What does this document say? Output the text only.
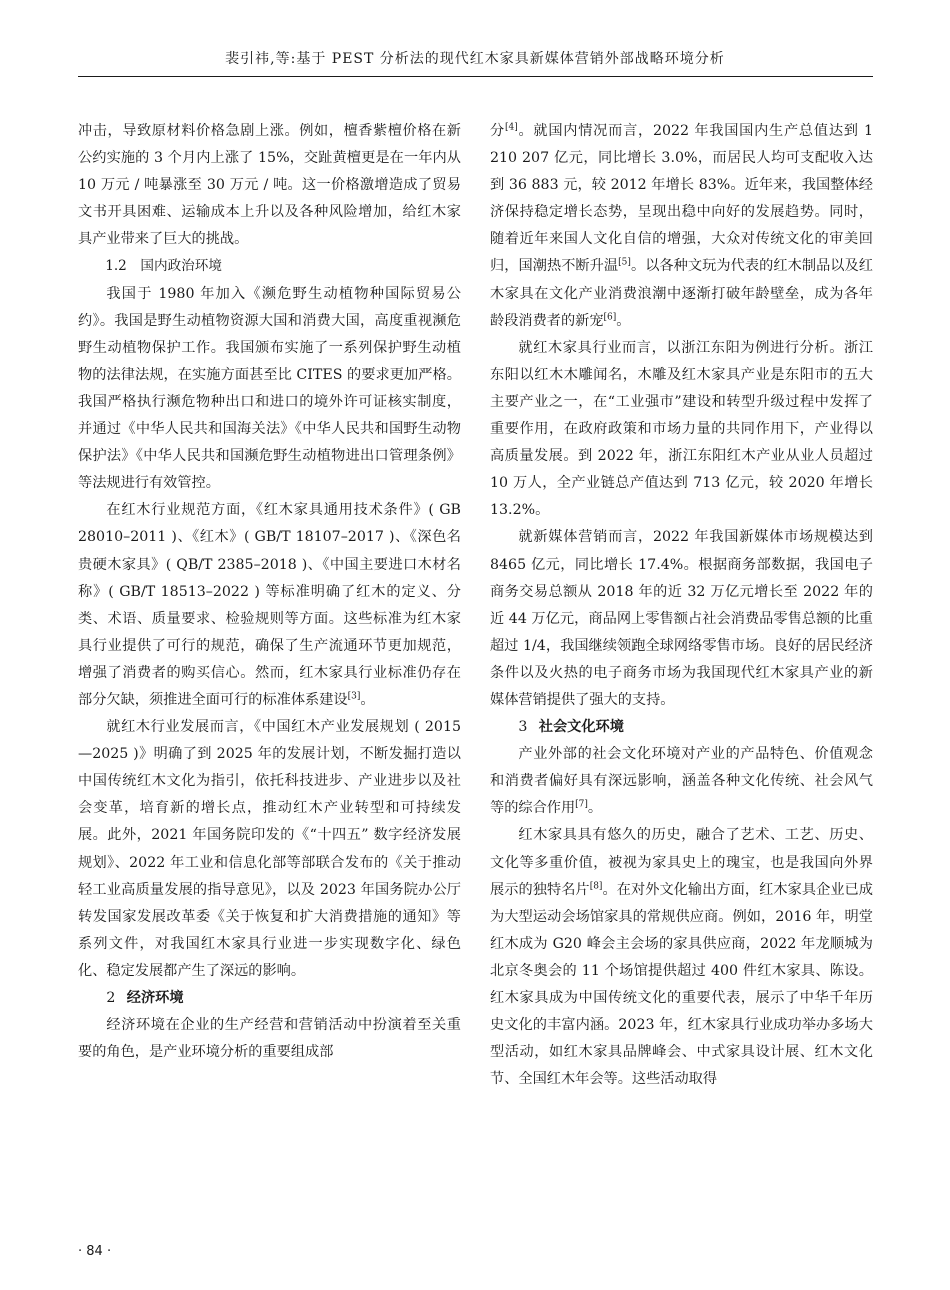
裴引祎,等:基于 PEST 分析法的现代红木家具新媒体营销外部战略环境分析

冲击，导致原材料价格急剧上涨。例如，檀香紫檀价格在新公约实施的 3 个月内上涨了 15%，交趾黄檀更是在一年内从 10 万元 / 吨暴涨至 30 万元 / 吨。这一价格激增造成了贸易文书开具困难、运输成本上升以及各种风险增加，给红木家具产业带来了巨大的挑战。

1.2 国内政治环境

我国于 1980 年加入《濒危野生动植物种国际贸易公约》。我国是野生动植物资源大国和消费大国，高度重视濒危野生动植物保护工作。我国颁布实施了一系列保护野生动植物的法律法规，在实施方面甚至比 CITES 的要求更加严格。我国严格执行濒危物种出口和进口的境外许可证核实制度，并通过《中华人民共和国海关法》《中华人民共和国野生动物保护法》《中华人民共和国濒危野生动植物进出口管理条例》等法规进行有效管控。

在红木行业规范方面，《红木家具通用技术条件》( GB 28010–2011 )、《红木》( GB/T 18107–2017 )、《深色名贵硬木家具》( QB/T 2385–2018 )、《中国主要进口木材名称》( GB/T 18513–2022 ) 等标准明确了红木的定义、分类、术语、质量要求、检验规则等方面。这些标准为红木家具行业提供了可行的规范，确保了生产流通环节更加规范，增强了消费者的购买信心。然而，红木家具行业标准仍存在部分欠缺，须推进全面可行的标准体系建设[3]。

就红木行业发展而言，《中国红木产业发展规划 ( 2015—2025 )》明确了到 2025 年的发展计划，不断发掘打造以中国传统红木文化为指引，依托科技进步、产业进步以及社会变革，培育新的增长点，推动红木产业转型和可持续发展。此外，2021 年国务院印发的《“十四五” 数字经济发展规划》、2022 年工业和信息化部等部联合发布的《关于推动轻工业高质量发展的指导意见》，以及 2023 年国务院办公厅转发国家发展改革委《关于恢复和扩大消费措施的通知》等系列文件，对我国红木家具行业进一步实现数字化、绿色化、稳定发展都产生了深远的影响。

2 经济环境

经济环境在企业的生产经营和营销活动中扮演着至关重要的角色，是产业环境分析的重要组成部

分[4]。就国内情况而言，2022 年我国国内生产总值达到 1 210 207 亿元，同比增长 3.0%，而居民人均可支配收入达到 36 883 元，较 2012 年增长 83%。近年来，我国整体经济保持稳定增长态势，呈现出稳中向好的发展趋势。同时，随着近年来国人文化自信的增强，大众对传统文化的审美回归，国潮热不断升温[5]。以各种文玩为代表的红木制品以及红木家具在文化产业消费浪潮中逐渐打破年龄壁垒，成为各年龄段消费者的新宠[6]。

就红木家具行业而言，以浙江东阳为例进行分析。浙江东阳以红木木雕闻名，木雕及红木家具产业是东阳市的五大主要产业之一，在“工业强市”建设和转型升级过程中发挥了重要作用，在政府政策和市场力量的共同作用下，产业得以高质量发展。到 2022 年，浙江东阳红木产业从业人员超过 10 万人，全产业链总产值达到 713 亿元，较 2020 年增长 13.2%。

就新媒体营销而言，2022 年我国新媒体市场规模达到 8465 亿元，同比增长 17.4%。根据商务部数据，我国电子商务交易总额从 2018 年的近 32 万亿元增长至 2022 年的近 44 万亿元，商品网上零售额占社会消费品零售总额的比重超过 1/4，我国继续领跑全球网络零售市场。良好的居民经济条件以及火热的电子商务市场为我国现代红木家具产业的新媒体营销提供了强大的支持。

3 社会文化环境

产业外部的社会文化环境对产业的产品特色、价值观念和消费者偏好具有深远影响，涵盖各种文化传统、社会风气等的综合作用[7]。

红木家具具有悠久的历史，融合了艺术、工艺、历史、文化等多重价值，被视为家具史上的瑰宝，也是我国向外界展示的独特名片[8]。在对外文化输出方面，红木家具企业已成为大型运动会场馆家具的常规供应商。例如，2016 年，明堂红木成为 G20 峰会主会场的家具供应商，2022 年龙顺城为北京冬奥会的 11 个场馆提供超过 400 件红木家具、陈设。红木家具成为中国传统文化的重要代表，展示了中华千年历史文化的丰富内涵。2023 年，红木家具行业成功举办多场大型活动，如红木家具品牌峰会、中式家具设计展、红木文化节、全国红木年会等。这些活动取得

· 84 ·
